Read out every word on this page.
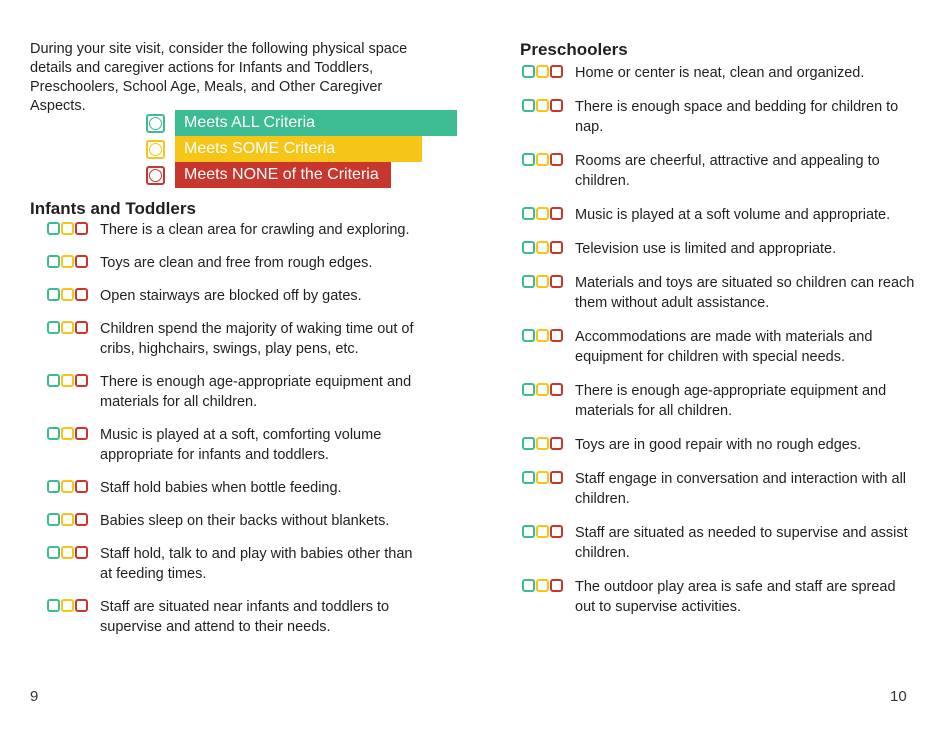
During your site visit, consider the following physical space details and caregiver actions for Infants and Toddlers, Preschoolers, School Age, Meals, and Other Caregiver Aspects.
Meets ALL Criteria
Meets SOME Criteria
Meets NONE of the Criteria
Infants and Toddlers
There is a clean area for crawling and exploring.
Toys are clean and free from rough edges.
Open stairways are blocked off by gates.
Children spend the majority of waking time out of cribs, highchairs, swings, play pens, etc.
There is enough age-appropriate equipment and materials for all children.
Music is played at a soft, comforting volume appropriate for infants and toddlers.
Staff hold babies when bottle feeding.
Babies sleep on their backs without blankets.
Staff hold, talk to and play with babies other than at feeding times.
Staff are situated near infants and toddlers to supervise and attend to their needs.
Preschoolers
Home or center is neat, clean and organized.
There is enough space and bedding for children to nap.
Rooms are cheerful, attractive and appealing to children.
Music is played at a soft volume and appropriate.
Television use is limited and appropriate.
Materials and toys are situated so children can reach them without adult assistance.
Accommodations are made with materials and equipment for children with special needs.
There is enough age-appropriate equipment and materials for all children.
Toys are in good repair with no rough edges.
Staff engage in conversation and interaction with all children.
Staff are situated as needed to supervise and assist children.
The outdoor play area is safe and staff are spread out to supervise activities.
9	10
